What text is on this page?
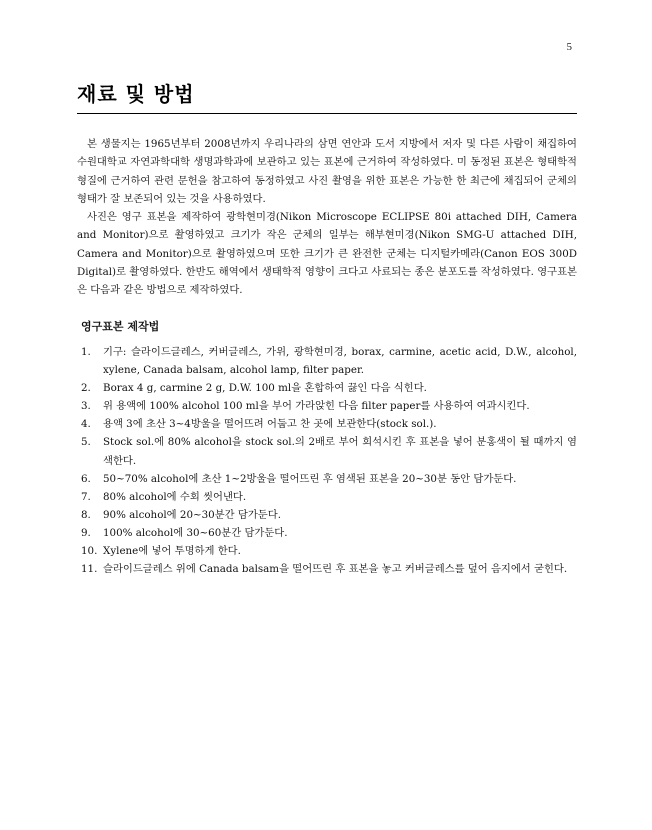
5
재료 및 방법

본 생물지는 1965년부터 2008년까지 우리나라의 삼면 연안과 도서 지방에서 저자 및 다른 사람이 채집하여 수원대학교 자연과학대학 생명과학과에 보관하고 있는 표본에 근거하여 작성하였다. 미 동정된 표본은 형태학적 형질에 근거하여 관련 문헌을 참고하여 동정하였고 사진 촬영을 위한 표본은 가능한 한 최근에 채집되어 군체의 형태가 잘 보존되어 있는 것을 사용하였다.

사진은 영구 표본을 제작하여 광학현미경(Nikon Microscope ECLIPSE 80i attached DIH, Camera and Monitor)으로 촬영하였고 크기가 작은 군체의 일부는 해부현미경(Nikon SMG-U attached DIH, Camera and Monitor)으로 촬영하였으며 또한 크기가 큰 완전한 군체는 디지털카메라(Canon EOS 300D Digital)로 촬영하였다. 한반도 해역에서 생태학적 영향이 크다고 사료되는 종은 분포도를 작성하였다. 영구표본은 다음과 같은 방법으로 제작하였다.

영구표본 제작법
1.	기구: 슬라이드글레스, 커버글레스, 가위, 광학현미경, borax, carmine, acetic acid, D.W., alcohol, xylene, Canada balsam, alcohol lamp, filter paper.
2.	Borax 4 g, carmine 2 g, D.W. 100 ml을 혼합하여 끓인 다음 식힌다.
3.	위 용액에 100% alcohol 100 ml을 부어 가라앉힌 다음 filter paper를 사용하여 여과시킨다.
4.	용액 3에 초산 3~4방울을 떨어뜨려 어둡고 찬 곳에 보관한다(stock sol.).
5.	Stock sol.에 80% alcohol을 stock sol.의 2배로 부어 희석시킨 후 표본을 넣어 분홍색이 될 때까지 염색한다.
6.	50~70% alcohol에 초산 1~2방울을 떨어뜨린 후 염색된 표본을 20~30분 동안 담가둔다.
7.	80% alcohol에 수회 씻어낸다.
8.	90% alcohol에 20~30분간 담가둔다.
9.	100% alcohol에 30~60분간 담가둔다.
10. Xylene에 넣어 투명하게 한다.
11. 슬라이드글레스 위에 Canada balsam을 떨어뜨린 후 표본을 놓고 커버글레스를 덮어 음지에서 굳힌다.
